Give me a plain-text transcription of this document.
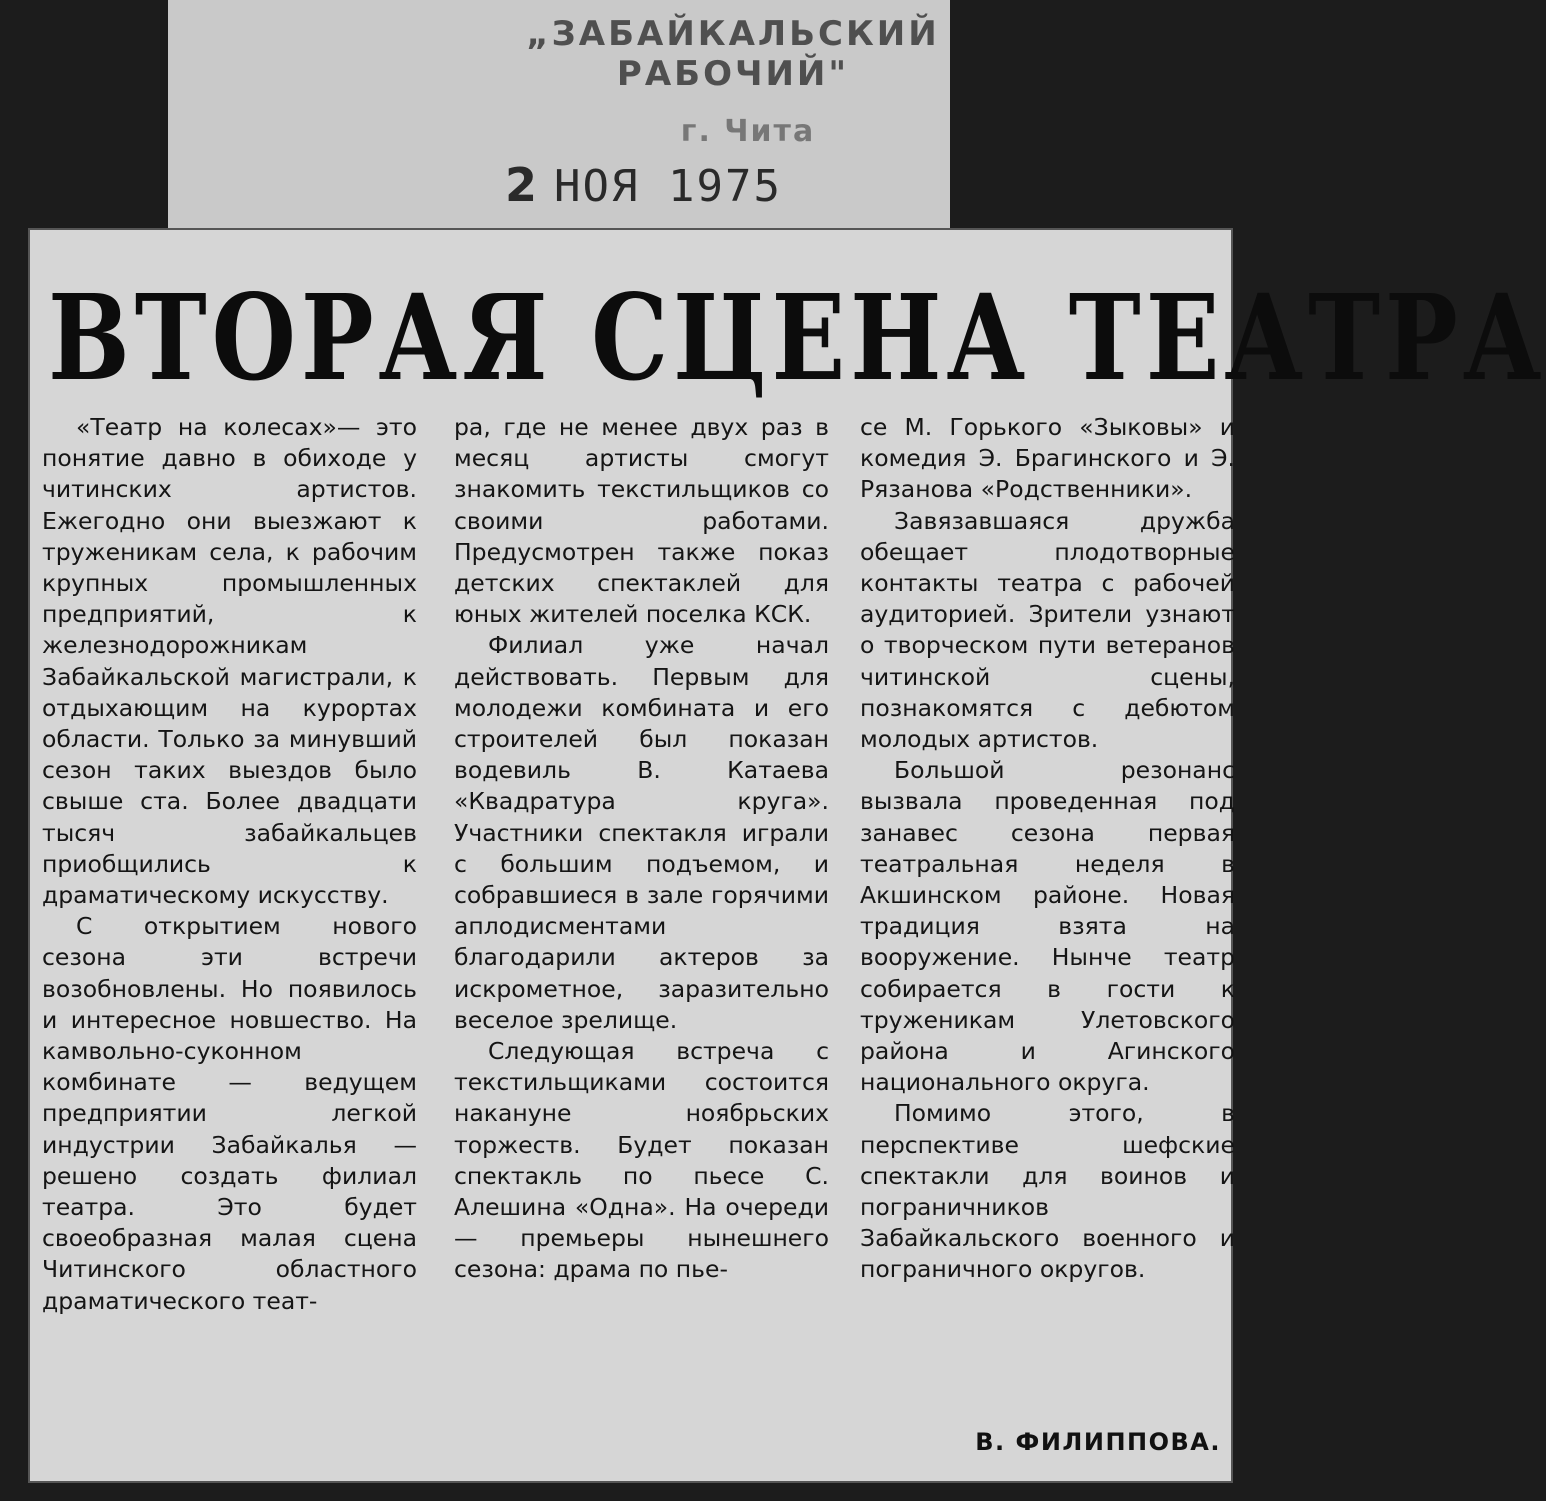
„ЗАБАЙКАЛЬСКИЙ РАБОЧИЙ"
г. Чита
2 НОЯ 1975
ВТОРАЯ СЦЕНА ТЕАТРА

«Театр на колесах»— это понятие давно в обиходе у читинских артистов. Ежегодно они выезжают к труженикам села, к рабочим крупных промышленных предприятий, к железнодорожникам Забайкальской магистрали, к отдыхающим на курортах области. Только за минувший сезон таких выездов было свыше ста. Более двадцати тысяч забайкальцев приобщились к драматическому искусству.

С открытием нового сезона эти встречи возобновлены. Но появилось и интересное новшество. На камвольно-суконном комбинате — ведущем предприятии легкой индустрии Забайкалья — решено создать филиал театра. Это будет своеобразная малая сцена Читинского областного драматического теат-

ра, где не менее двух раз в месяц артисты смогут знакомить текстильщиков со своими работами. Предусмотрен также показ детских спектаклей для юных жителей поселка КСК.

Филиал уже начал действовать. Первым для молодежи комбината и его строителей был показан водевиль В. Катаева «Квадратура круга». Участники спектакля играли с большим подъемом, и собравшиеся в зале горячими аплодисментами благодарили актеров за искрометное, заразительно веселое зрелище.

Следующая встреча с текстильщиками состоится накануне ноябрьских торжеств. Будет показан спектакль по пьесе С. Алешина «Одна». На очереди — премьеры нынешнего сезона: драма по пье-

се М. Горького «Зыковы» и комедия Э. Брагинского и Э. Рязанова «Родственники».

Завязавшаяся дружба обещает плодотворные контакты театра с рабочей аудиторией. Зрители узнают о творческом пути ветеранов читинской сцены, познакомятся с дебютом молодых артистов.

Большой резонанс вызвала проведенная под занавес сезона первая театральная неделя в Акшинском районе. Новая традиция взята на вооружение. Нынче театр собирается в гости к труженикам Улетовского района и Агинского национального округа.

Помимо этого, в перспективе шефские спектакли для воинов и пограничников Забайкальского военного и пограничного округов.

В. ФИЛИППОВА.
